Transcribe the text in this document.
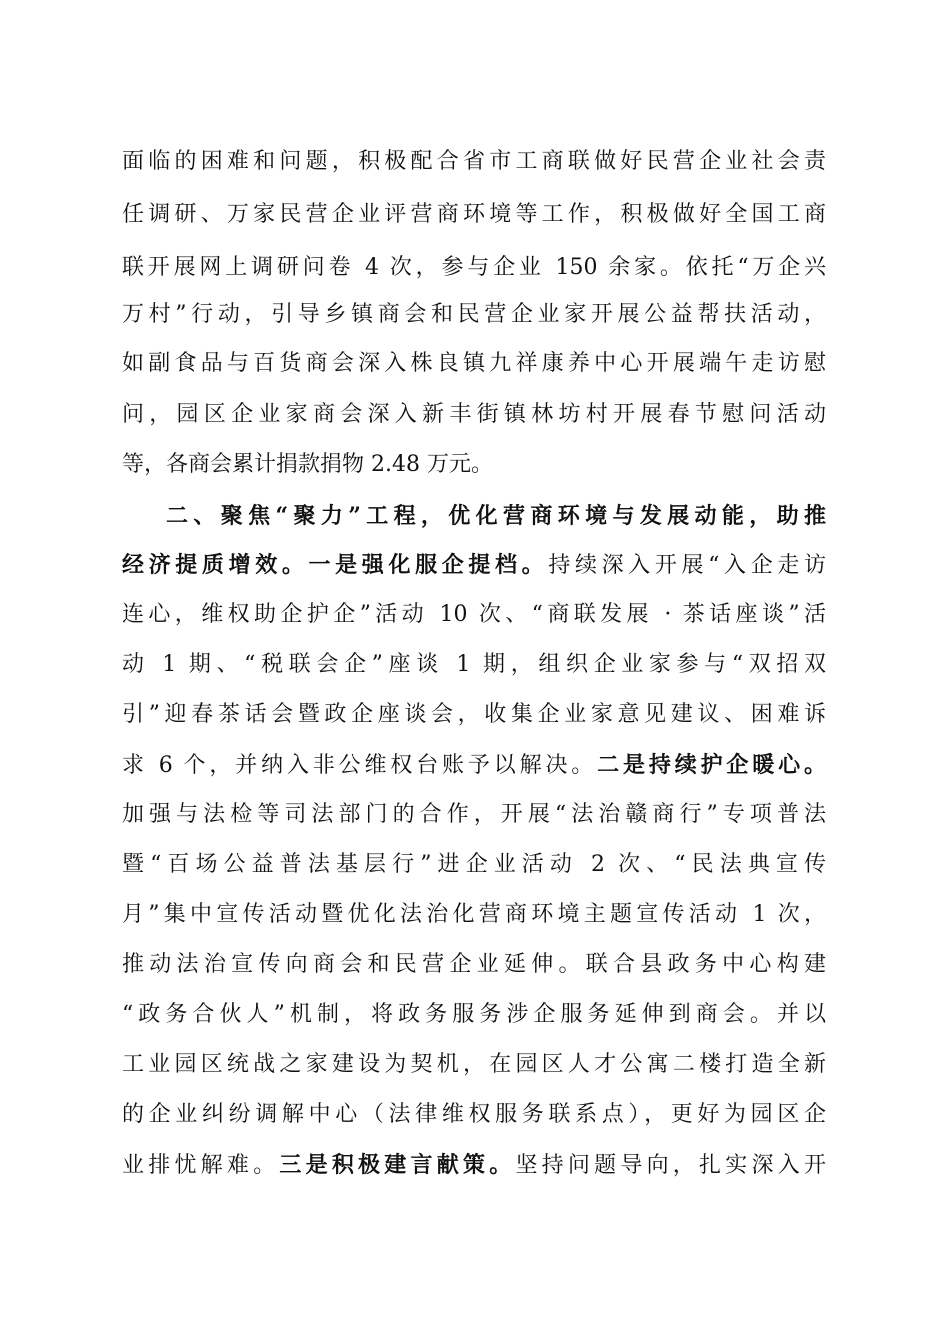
面临的困难和问题，积极配合省市工商联做好民营企业社会责
任调研、万家民营企业评营商环境等工作，积极做好全国工商
联开展网上调研问卷 4 次，参与企业 150 余家。依托“万企兴
万村”行动，引导乡镇商会和民营企业家开展公益帮扶活动，
如副食品与百货商会深入株良镇九祥康养中心开展端午走访慰
问，园区企业家商会深入新丰街镇林坊村开展春节慰问活动
等，各商会累计捐款捐物 2.48 万元。
二、聚焦“聚力”工程，优化营商环境与发展动能，助推
经济提质增效。一是强化服企提档。持续深入开展“入企走访
连心，维权助企护企”活动 10 次、“商联发展 · 茶话座谈”活
动 1 期、“税联会企”座谈 1 期，组织企业家参与“双招双
引”迎春茶话会暨政企座谈会，收集企业家意见建议、困难诉
求 6 个，并纳入非公维权台账予以解决。二是持续护企暖心。
加强与法检等司法部门的合作，开展“法治赣商行”专项普法
暨“百场公益普法基层行”进企业活动 2 次、“民法典宣传
月”集中宣传活动暨优化法治化营商环境主题宣传活动 1 次，
推动法治宣传向商会和民营企业延伸。联合县政务中心构建
“政务合伙人”机制，将政务服务涉企服务延伸到商会。并以
工业园区统战之家建设为契机，在园区人才公寓二楼打造全新
的企业纠纷调解中心（法律维权服务联系点），更好为园区企
业排忧解难。三是积极建言献策。坚持问题导向，扎实深入开
